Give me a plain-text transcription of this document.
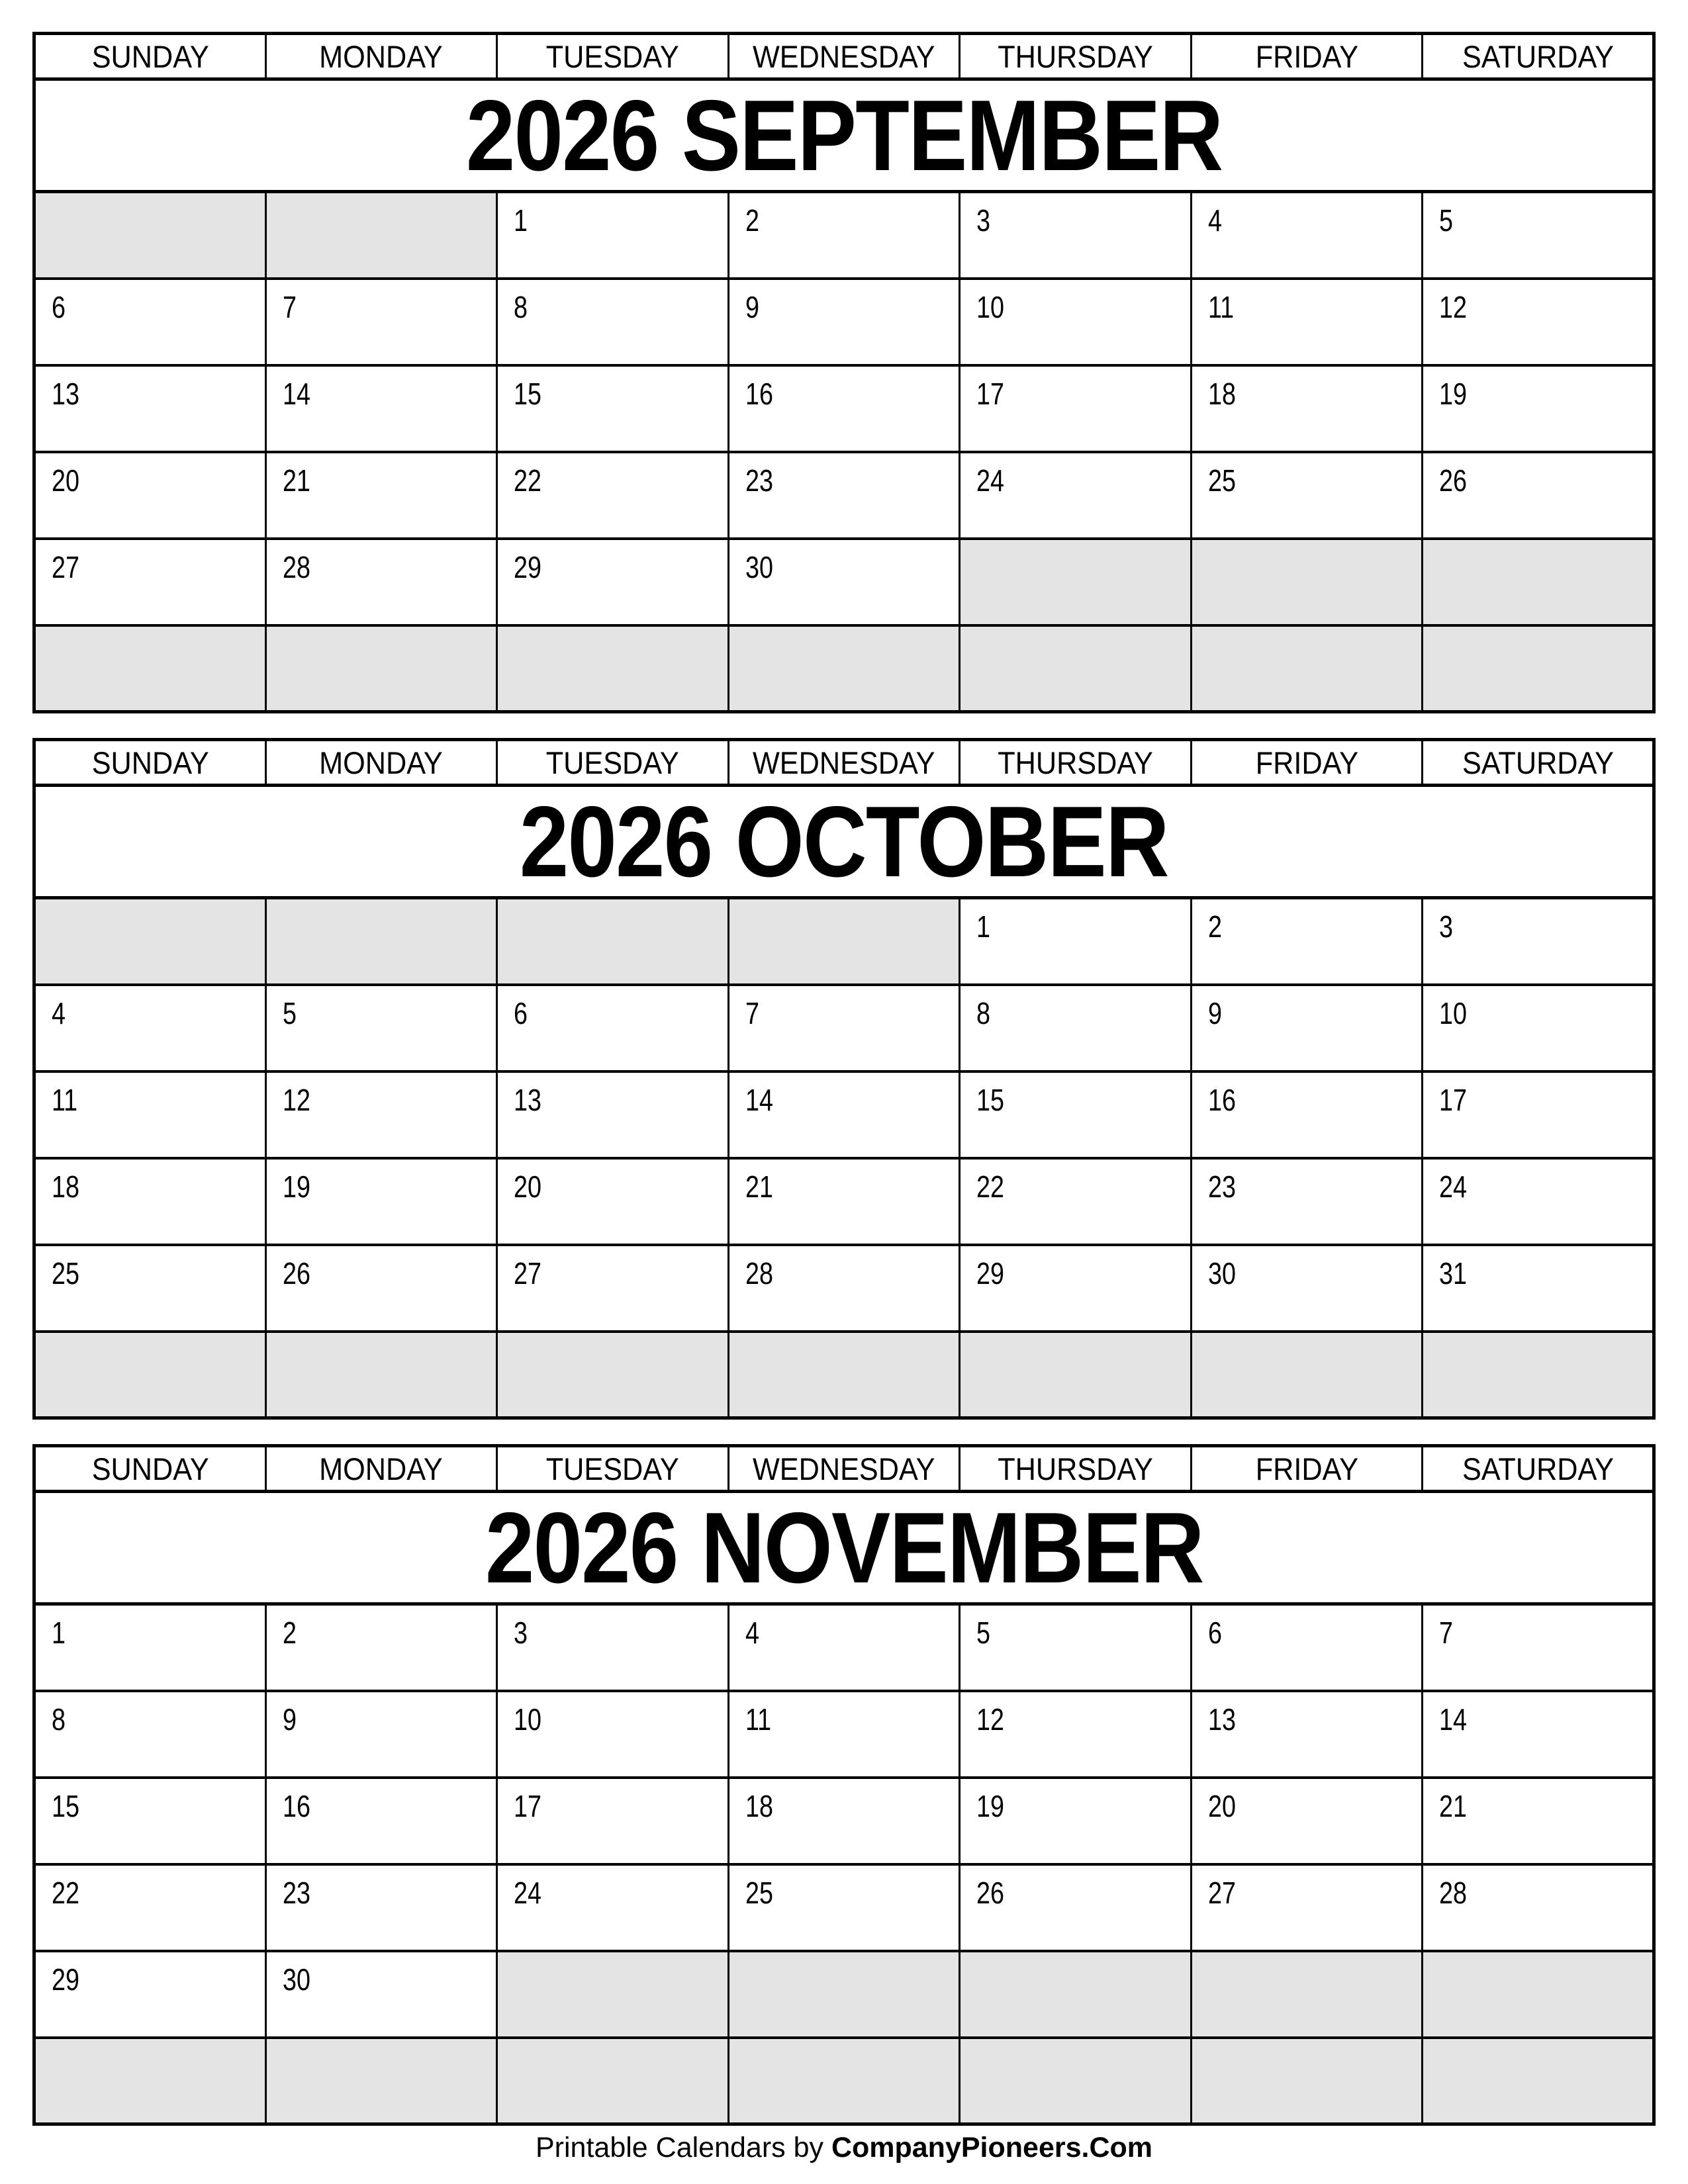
SUNDAY	MONDAY	TUESDAY	WEDNESDAY	THURSDAY	FRIDAY	SATURDAY
2026 SEPTEMBER						
		1	2	3	4	5
6	7	8	9	10	11	12
13	14	15	16	17	18	19
20	21	22	23	24	25	26
27	28	29	30			

SUNDAY	MONDAY	TUESDAY	WEDNESDAY	THURSDAY	FRIDAY	SATURDAY
2026 OCTOBER						
				1	2	3
4	5	6	7	8	9	10
11	12	13	14	15	16	17
18	19	20	21	22	23	24
25	26	27	28	29	30	31

SUNDAY	MONDAY	TUESDAY	WEDNESDAY	THURSDAY	FRIDAY	SATURDAY
2026 NOVEMBER						
1	2	3	4	5	6	7
8	9	10	11	12	13	14
15	16	17	18	19	20	21
22	23	24	25	26	27	28
29	30					

Printable Calendars by CompanyPioneers.Com
